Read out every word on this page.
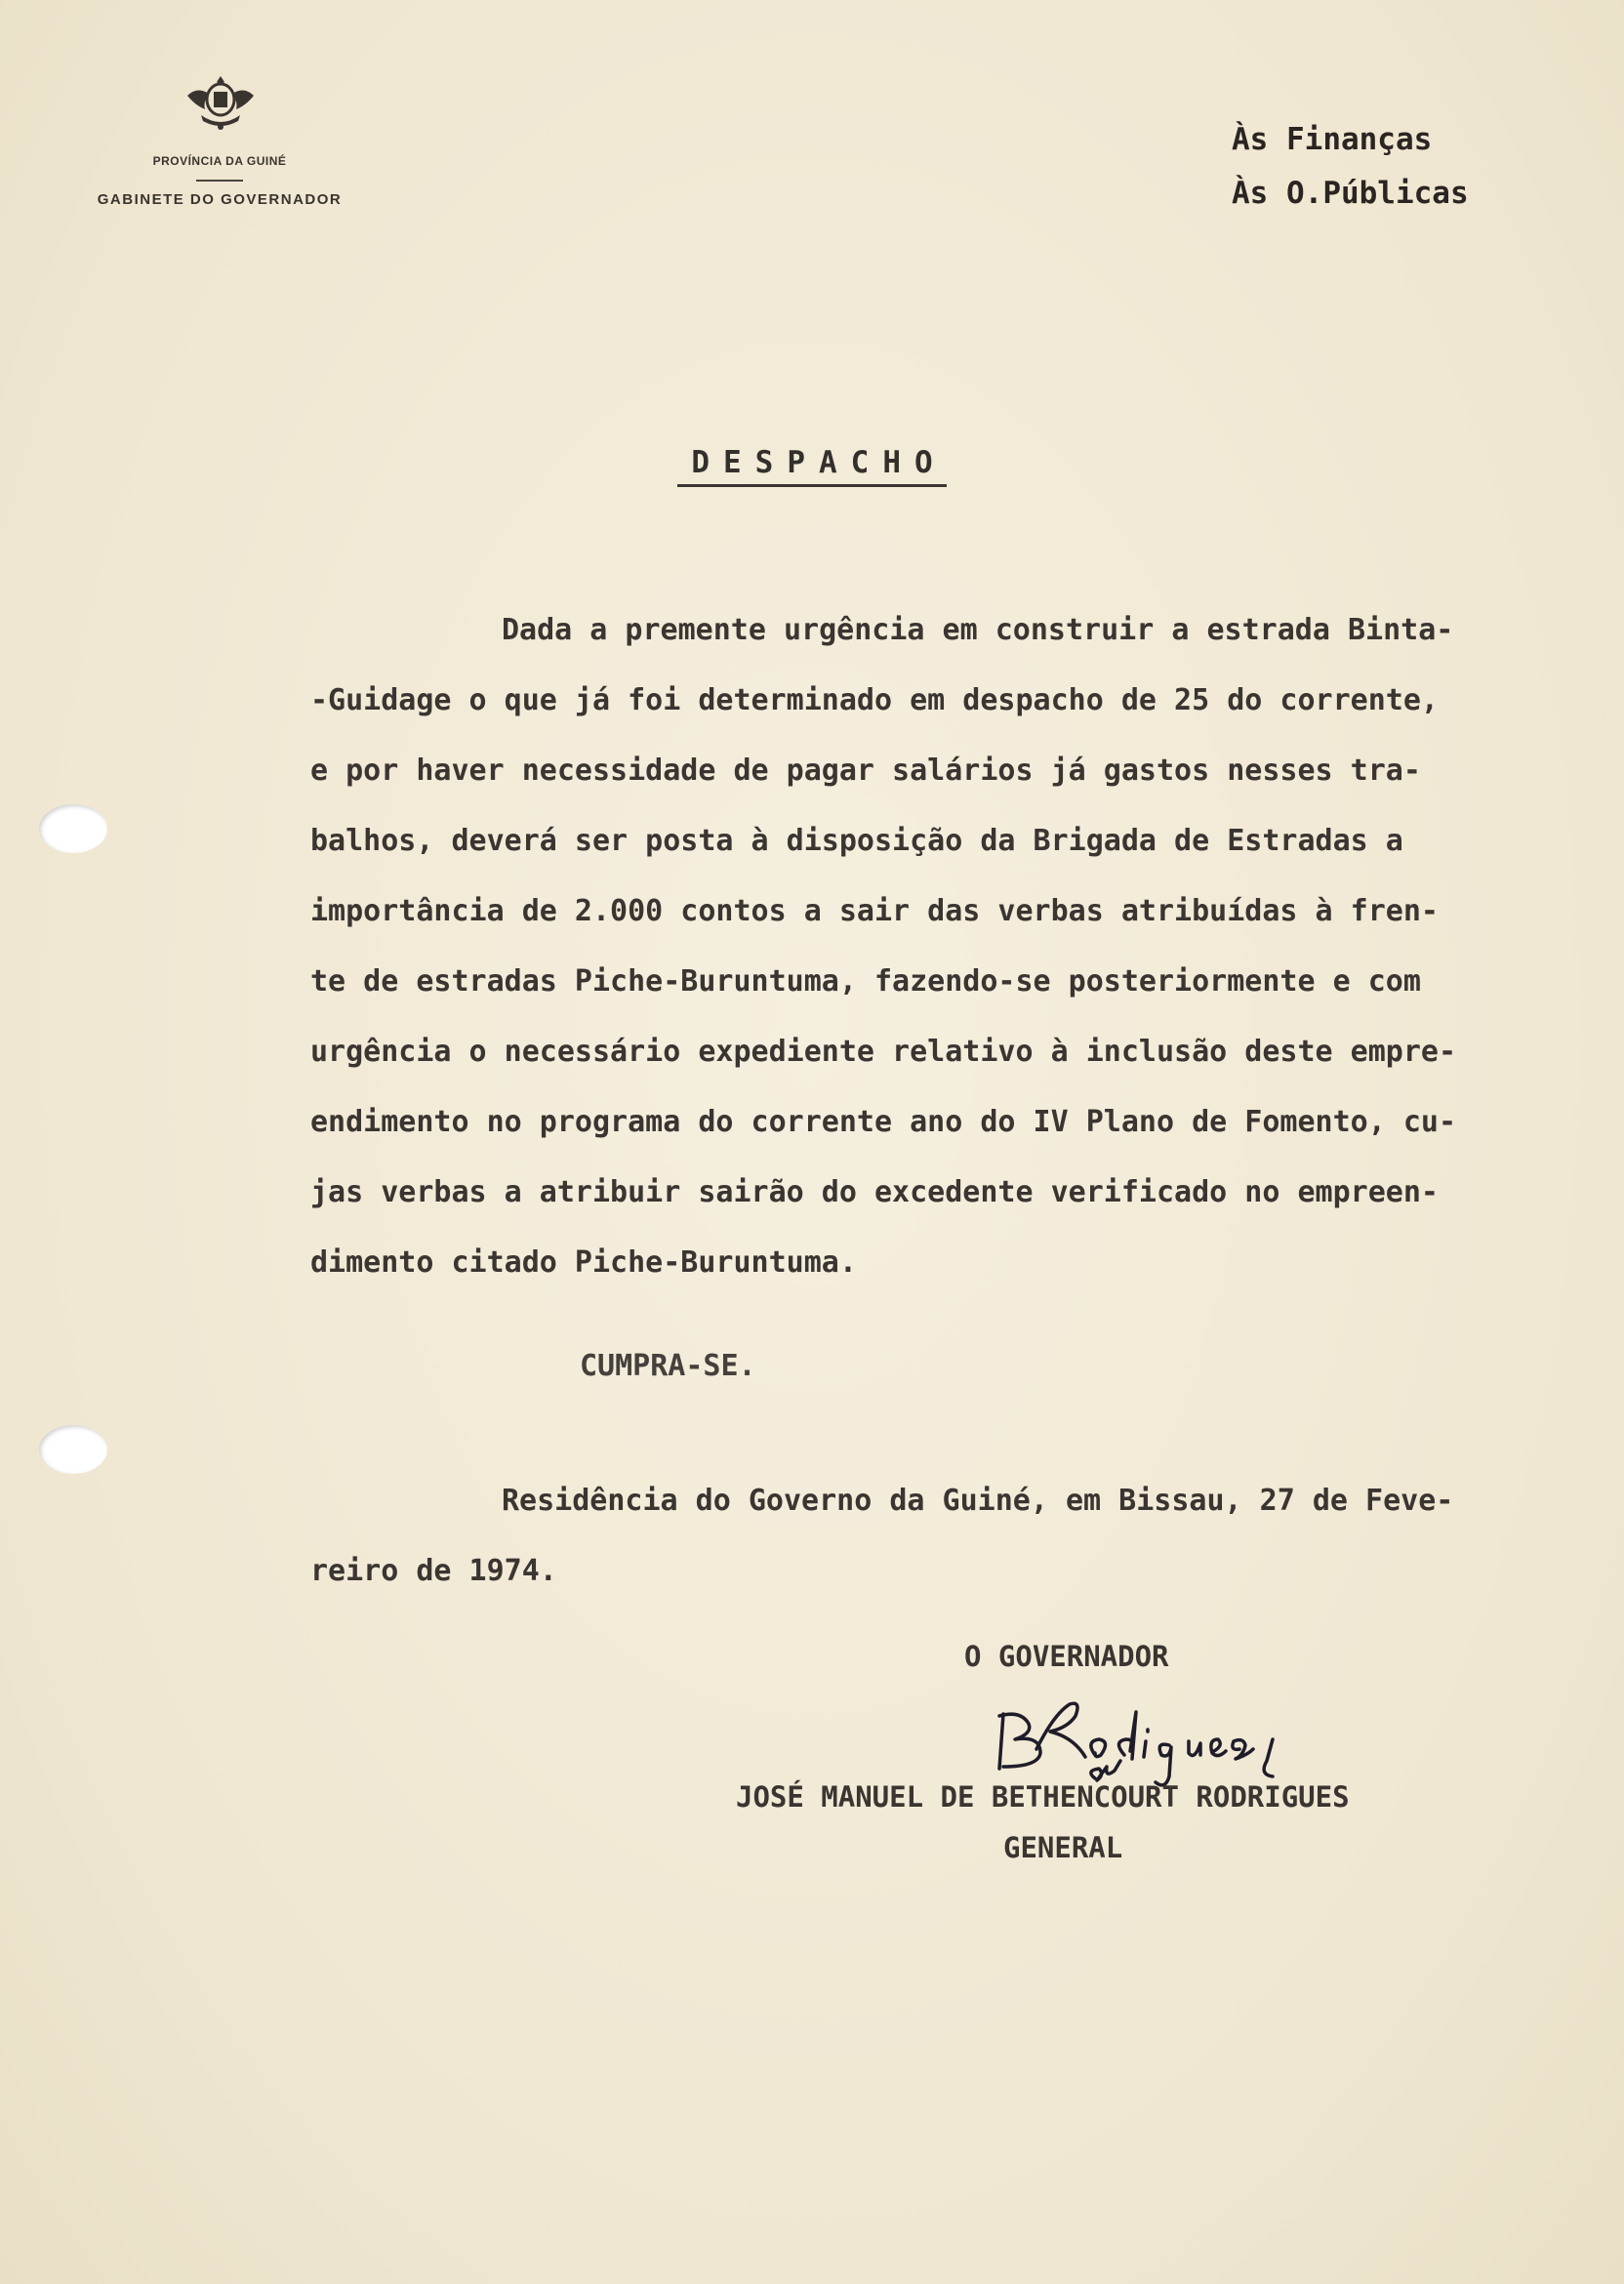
PROVÍNCIA DA GUINÉ
GABINETE DO GOVERNADOR
Às Finanças
Às O.Públicas
DESPACHO
Dada a premente urgência em construir a estrada Binta-
-Guidage o que já foi determinado em despacho de 25 do corrente,
e por haver necessidade de pagar salários já gastos nesses tra-
balhos, deverá ser posta à disposição da Brigada de Estradas a
importância de 2.000 contos a sair das verbas atribuídas à fren-
te de estradas Piche-Buruntuma, fazendo-se posteriormente e com
urgência o necessário expediente relativo à inclusão deste empre-
endimento no programa do corrente ano do IV Plano de Fomento, cu-
jas verbas a atribuir sairão do excedente verificado no empreen-
dimento citado Piche-Buruntuma.
CUMPRA-SE.
Residência do Governo da Guiné, em Bissau, 27 de Feve-
reiro de 1974.
O GOVERNADOR
JOSÉ MANUEL DE BETHENCOURT RODRIGUES
GENERAL
